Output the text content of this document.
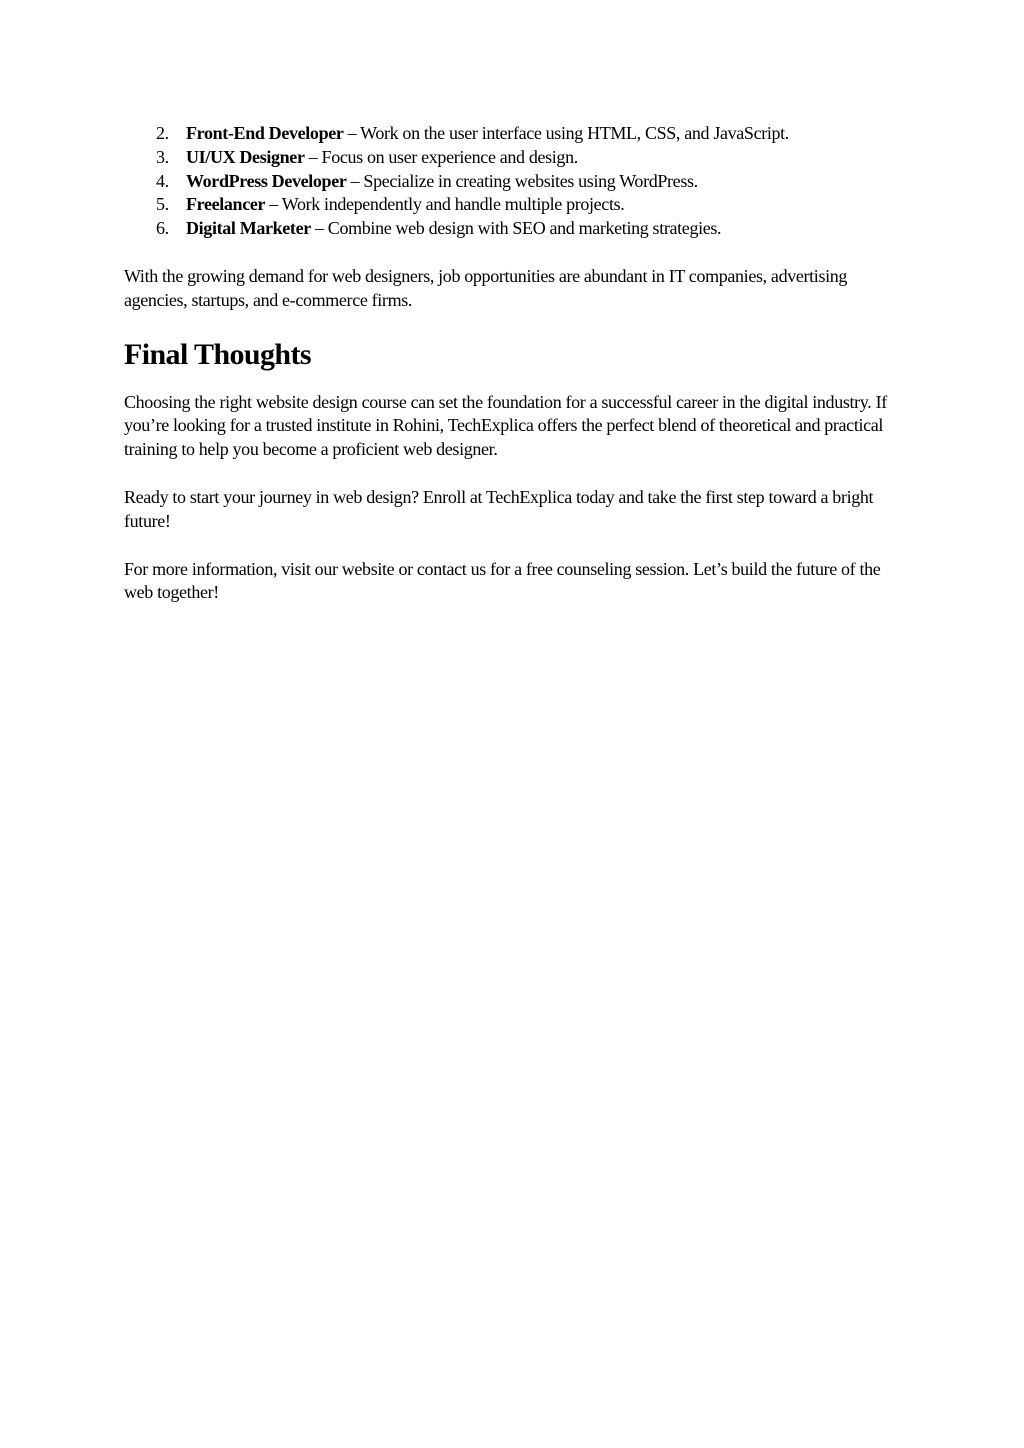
2. Front-End Developer – Work on the user interface using HTML, CSS, and JavaScript.
3. UI/UX Designer – Focus on user experience and design.
4. WordPress Developer – Specialize in creating websites using WordPress.
5. Freelancer – Work independently and handle multiple projects.
6. Digital Marketer – Combine web design with SEO and marketing strategies.

With the growing demand for web designers, job opportunities are abundant in IT companies, advertising agencies, startups, and e-commerce firms.

Final Thoughts

Choosing the right website design course can set the foundation for a successful career in the digital industry. If you’re looking for a trusted institute in Rohini, TechExplica offers the perfect blend of theoretical and practical training to help you become a proficient web designer.

Ready to start your journey in web design? Enroll at TechExplica today and take the first step toward a bright future!

For more information, visit our website or contact us for a free counseling session. Let’s build the future of the web together!
